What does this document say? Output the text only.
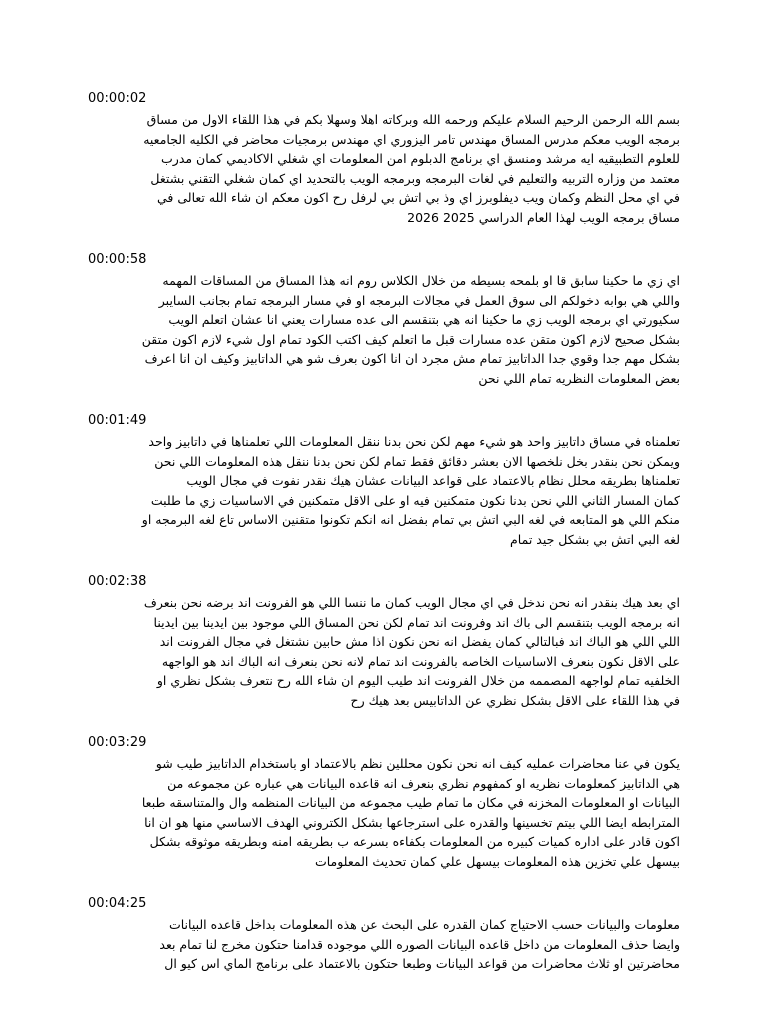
00:00:02
بسم الله الرحمن الرحيم السلام عليكم ورحمه الله وبركاته اهلا وسهلا بكم في هذا اللقاء الاول من مساق
برمجه الويب معكم مدرس المساق مهندس تامر اليزوري اي مهندس برمجيات محاضر في الكليه الجامعيه
للعلوم التطبيقيه ايه مرشد ومنسق اي برنامج الدبلوم امن المعلومات اي شغلي الاكاديمي كمان مدرب
معتمد من وزاره التربيه والتعليم في لغات البرمجه وبرمجه الويب بالتحديد اي كمان شغلي التقني بشتغل
في اي محل النظم وكمان ويب ديفلوبرز اي وذ بي اتش بي لرفل رح اكون معكم ان شاء الله تعالى في
مساق برمجه الويب لهذا العام الدراسي 2025 2026
00:00:58
اي زي ما حكينا سابق قا او بلمحه بسيطه من خلال الكلاس روم انه هذا المساق من المساقات المهمه
واللي هي بوابه دخولكم الى سوق العمل في مجالات البرمجه او في مسار البرمجه تمام بجانب السايبر
سكيورتي اي برمجه الويب زي ما حكينا انه هي بتنقسم الى عده مسارات يعني انا عشان اتعلم الويب
بشكل صحيح لازم اكون متقن عده مسارات قبل ما اتعلم كيف اكتب الكود تمام اول شيء لازم اكون متقن
بشكل مهم جدا وقوي جدا الداتابيز تمام مش مجرد ان انا اكون بعرف شو هي الداتابيز وكيف ان انا اعرف
بعض المعلومات النظريه تمام اللي نحن
00:01:49
تعلمناه في مساق داتابيز واحد هو شيء مهم لكن نحن بدنا ننقل المعلومات اللي تعلمناها في داتابيز واحد
ويمكن نحن بنقدر بخل نلخصها الان بعشر دقائق فقط تمام لكن نحن بدنا ننقل هذه المعلومات اللي نحن
تعلمناها بطريقه محلل نظام بالاعتماد على قواعد البيانات عشان هيك نقدر نفوت في مجال الويب
كمان المسار الثاني اللي نحن بدنا نكون متمكنين فيه او على الاقل متمكنين في الاساسيات زي ما طلبت
منكم اللي هو المتابعه في لغه البي اتش بي تمام بفضل انه انكم تكونوا متقنين الاساس تاع لغه البرمجه او
لغه البي اتش بي بشكل جيد تمام
00:02:38
اي بعد هيك بنقدر انه نحن ندخل في اي مجال الويب كمان ما ننسا اللي هو الفرونت اند برضه نحن بنعرف
انه برمجه الويب بتنقسم الى باك اند وفرونت اند تمام لكن نحن المساق اللي موجود بين ايدينا بين ايدينا
اللي اللي هو الباك اند فبالتالي كمان يفضل انه نحن نكون اذا مش حابين نشتغل في مجال الفرونت اند
على الاقل نكون بنعرف الاساسيات الخاصه بالفرونت اند تمام لانه نحن بنعرف انه الباك اند هو الواجهه
الخلفيه تمام لواجهه المصممه من خلال الفرونت اند طيب اليوم ان شاء الله رح نتعرف بشكل نظري او
في هذا اللقاء على الاقل بشكل نظري عن الداتابيس بعد هيك رح
00:03:29
يكون في عنا محاضرات عمليه كيف انه نحن نكون محللين نظم بالاعتماد او باستخدام الداتابيز طيب شو
هي الداتابيز كمعلومات نظريه او كمفهوم نظري بنعرف انه قاعده البيانات هي عباره عن مجموعه من
البيانات او المعلومات المخزنه في مكان ما تمام طيب مجموعه من البيانات المنظمه وال والمتناسقه طبعا
المترابطه ايضا اللي بيتم تخسينها والقدره على استرجاعها بشكل الكتروني الهدف الاساسي منها هو ان انا
اكون قادر على اداره كميات كبيره من المعلومات بكفاءه بسرعه ب بطريقه امنه وبطريقه موثوقه بشكل
بيسهل علي تخزين هذه المعلومات بيسهل علي كمان تحديث المعلومات
00:04:25
معلومات والبيانات حسب الاحتياج كمان القدره على البحث عن هذه المعلومات بداخل قاعده البيانات
وايضا حذف المعلومات من داخل قاعده البيانات الصوره اللي موجوده قدامنا حتكون مخرج لنا تمام بعد
محاضرتين او ثلاث محاضرات من قواعد البيانات وطبعا حتكون بالاعتماد على برنامج الماي اس كيو ال
